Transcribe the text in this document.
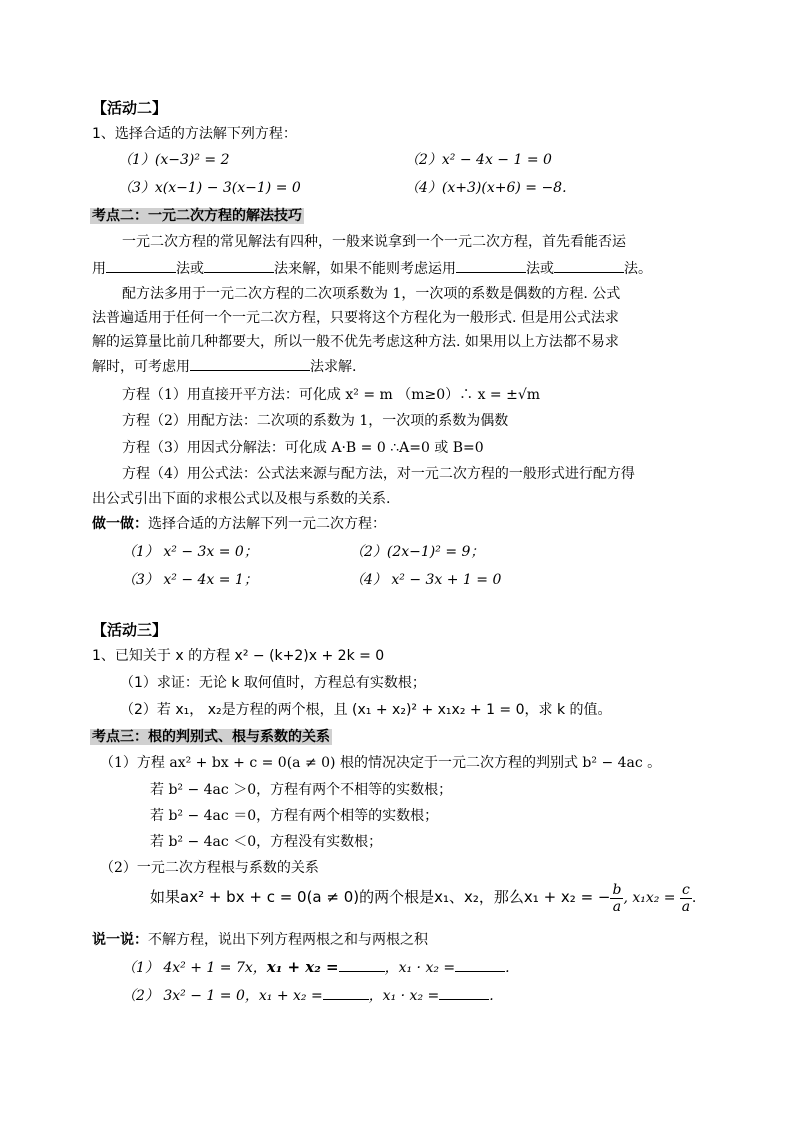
【活动二】
1、选择合适的方法解下列方程：
（1）(x−3)² = 2	（2）x² − 4x − 1 = 0
（3）x(x−1) − 3(x−1) = 0	（4）(x+3)(x+6) = −8.
考点二：一元二次方程的解法技巧
一元二次方程的常见解法有四种，一般来说拿到一个一元二次方程，首先看能否运
用	法或	法来解，如果不能则考虑运用	法或	法。
配方法多用于一元二次方程的二次项系数为 1，一次项的系数是偶数的方程. 公式
法普遍适用于任何一个一元二次方程，只要将这个方程化为一般形式. 但是用公式法求
解的运算量比前几种都要大，所以一般不优先考虑这种方法. 如果用以上方法都不易求
解时，可考虑用	法求解.
方程（1）用直接开平方法：可化成 x² = m （m≥0）∴ x = ±√m
方程（2）用配方法：二次项的系数为 1，一次项的系数为偶数
方程（3）用因式分解法：可化成 A·B = 0 ∴A=0 或 B=0
方程（4）用公式法：公式法来源与配方法，对一元二次方程的一般形式进行配方得
出公式引出下面的求根公式以及根与系数的关系.
做一做：选择合适的方法解下列一元二次方程：
（1） x² − 3x = 0；	（2）(2x−1)² = 9；
（3） x² − 4x = 1；	（4） x² − 3x + 1 = 0
【活动三】
1、已知关于 x 的方程 x² − (k+2)x + 2k = 0
（1）求证：无论 k 取何值时，方程总有实数根；
（2）若 x₁， x₂是方程的两个根，且 (x₁ + x₂)² + x₁x₂ + 1 = 0，求 k 的值。
考点三：根的判别式、根与系数的关系
（1）方程 ax² + bx + c = 0(a ≠ 0) 根的情况决定于一元二次方程的判别式 b² − 4ac 。
若 b² − 4ac ＞0，方程有两个不相等的实数根；
若 b² − 4ac ＝0，方程有两个相等的实数根；
若 b² − 4ac ＜0，方程没有实数根；
（2）一元二次方程根与系数的关系
如果ax² + bx + c = 0(a ≠ 0)的两个根是x₁、x₂，那么x₁ + x₂ = − $\frac{b}{a}$ , $x_1x_2 = \frac{c}{a}$ .
说一说：不解方程，说出下列方程两根之和与两根之积
（1） 4x² + 1 = 7x，x₁ + x₂ =	，x₁ · x₂ =	.
（2） 3x² − 1 = 0，x₁ + x₂ =	，x₁ · x₂ =	.
